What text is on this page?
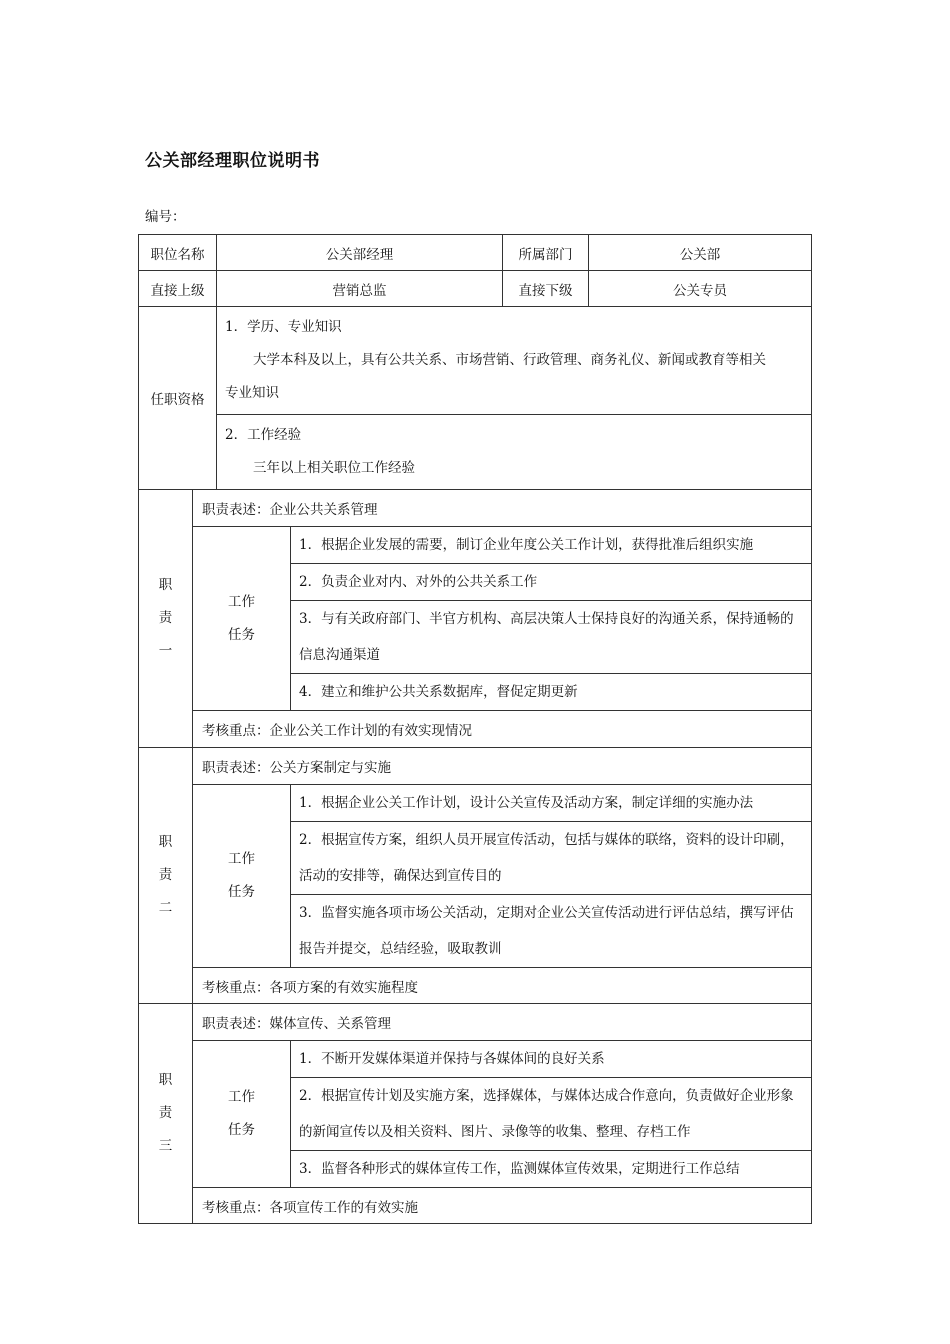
公关部经理职位说明书
编号：
职位名称		公关部经理		所属部门	公关部
直接上级		营销总监		直接下级	公关专员
任职资格		1．学历、专业知识
大学本科及以上，具有公共关系、市场营销、行政管理、商务礼仪、新闻或教育等相关
专业知识			

		2．工作经验
三年以上相关职位工作经验			

职
责
一	职责表述：企业公共关系管理				

	工作
任务		1．根据企业发展的需要，制订企业年度公关工作计划，获得批准后组织实施		
			2．负责企业对内、对外的公共关系工作		

			3．与有关政府部门、半官方机构、高层决策人士保持良好的沟通关系，保持通畅的
信息沟通渠道		

			4．建立和维护公共关系数据库，督促定期更新		
	考核重点：企业公关工作计划的有效实现情况				

职
责
二	职责表述：公关方案制定与实施				

	工作
任务		1．根据企业公关工作计划，设计公关宣传及活动方案，制定详细的实施办法		

			2．根据宣传方案，组织人员开展宣传活动，包括与媒体的联络，资料的设计印刷，
活动的安排等，确保达到宣传目的		

			3．监督实施各项市场公关活动，定期对企业公关宣传活动进行评估总结，撰写评估
报告并提交，总结经验，吸取教训		

	考核重点：各项方案的有效实施程度				

职
责
三	职责表述：媒体宣传、关系管理				

	工作
任务		1．不断开发媒体渠道并保持与各媒体间的良好关系		

			2．根据宣传计划及实施方案，选择媒体，与媒体达成合作意向，负责做好企业形象
的新闻宣传以及相关资料、图片、录像等的收集、整理、存档工作		

			3．监督各种形式的媒体宣传工作，监测媒体宣传效果，定期进行工作总结		
	考核重点：各项宣传工作的有效实施				
